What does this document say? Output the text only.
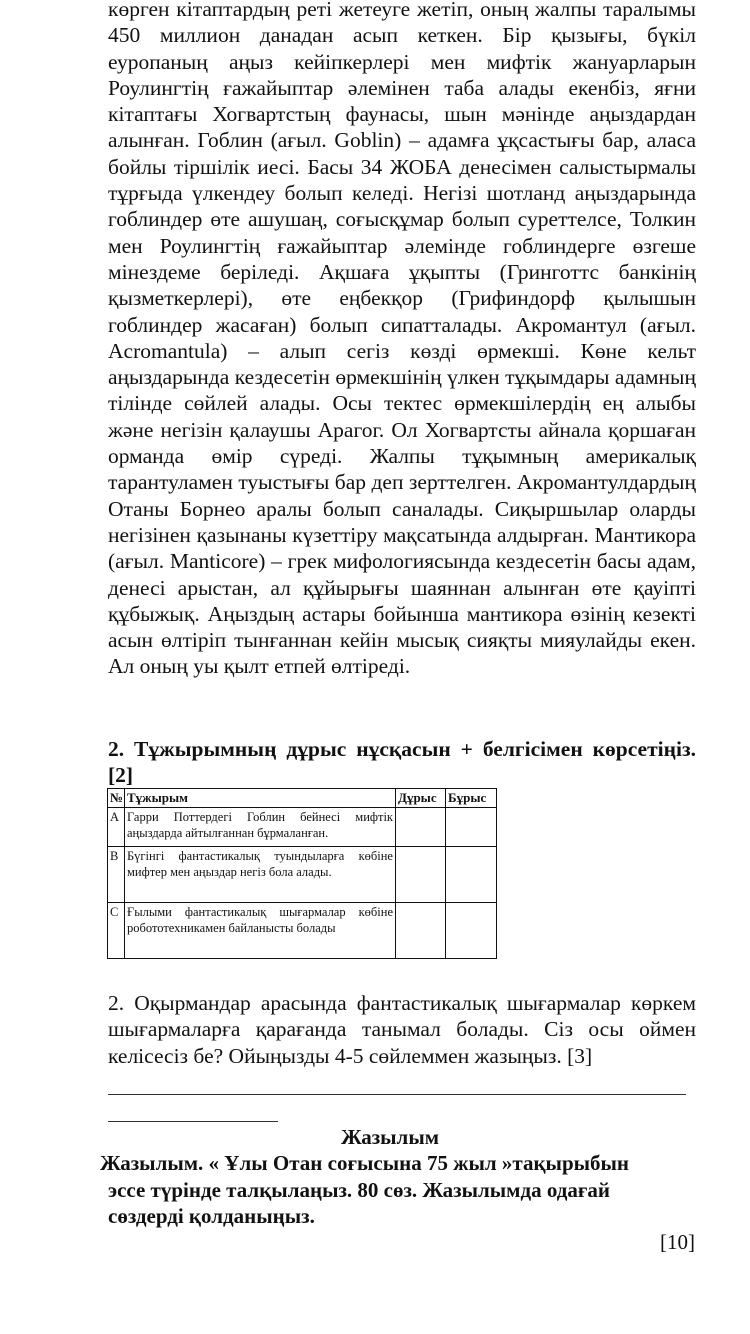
көрген кітаптардың реті жетеуге жетіп, оның жалпы таралымы 450 миллион данадан асып кеткен. Бір қызығы, бүкіл еуропаның аңыз кейіпкерлері мен мифтік жануарларын Роулингтің ғажайыптар әлемінен таба алады екенбіз, яғни кітаптағы Хогвартстың фаунасы, шын мәнінде аңыздардан алынған. Гоблин (ағыл. Goblin) – адамға ұқсастығы бар, аласа бойлы тіршілік иесі. Басы 34 ЖОБА денесімен салыстырмалы тұрғыда үлкендеу болып келеді. Негізі шотланд аңыздарында гоблиндер өте ашушаң, соғысқұмар болып суреттелсе, Толкин мен Роулингтің ғажайыптар әлемінде гоблиндерге өзгеше мінездеме беріледі. Ақшаға ұқыпты (Гринготтс банкінің қызметкерлері), өте еңбекқор (Грифиндорф қылышын гоблиндер жасаған) болып сипатталады. Акромантул (ағыл. Acromantula) – алып сегіз көзді өрмекші. Көне кельт аңыздарында кездесетін өрмекшінің үлкен тұқымдары адамның тілінде сөйлей алады. Осы тектес өрмекшілердің ең алыбы және негізін қалаушы Арагог. Ол Хогвартсты айнала қоршаған орманда өмір сүреді. Жалпы тұқымның америкалық тарантуламен туыстығы бар деп зерттелген. Акромантулдардың Отаны Борнео аралы болып саналады. Сиқыршылар оларды негізінен қазынаны күзеттіру мақсатында алдырған. Мантикора (ағыл. Manticore) – грек мифологиясында кездесетін басы адам, денесі арыстан, ал құйырығы шаяннан алынған өте қауіпті құбыжық. Аңыздың астары бойынша мантикора өзінің кезекті асын өлтіріп тынғаннан кейін мысық сияқты мияулайды екен. Ал оның уы қылт етпей өлтіреді.

2. Тұжырымның дұрыс нұсқасын + белгісімен көрсетіңіз. [2]

№	Тұжырым	Дұрыс	Бұрыс
A	Гарри Поттердегі Гоблин бейнесі мифтік аңыздарда айтылғаннан бұрмаланған.		
B	Бүгінгі фантастикалық туындыларға көбіне мифтер мен аңыздар негіз бола алады.		
C	Ғылыми фантастикалық шығармалар көбіне робототехникамен байланысты болады		

2. Оқырмандар арасында фантастикалық шығармалар көркем шығармаларға қарағанда танымал болады. Сіз осы оймен келісесіз бе? Ойыңызды 4-5 сөйлеммен жазыңыз. [3]

Жазылым

Жазылым. « Ұлы Отан соғысына 75 жыл »тақырыбын
эссе түрінде талқылаңыз. 80 сөз. Жазылымда одағай
сөздерді қолданыңыз.

[10]
